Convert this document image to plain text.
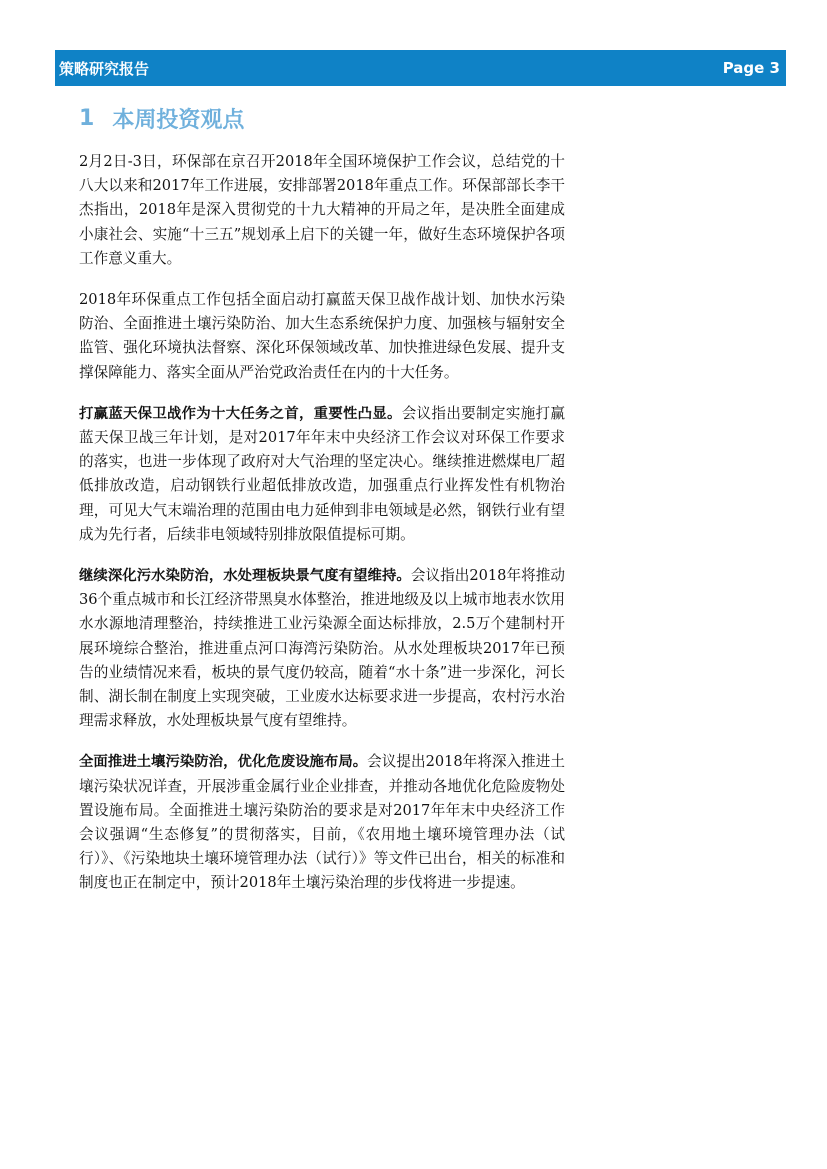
策略研究报告	Page 3
1 本周投资观点

2月2日-3日，环保部在京召开2018年全国环境保护工作会议，总结党的十八大以来和2017年工作进展，安排部署2018年重点工作。环保部部长李干杰指出，2018年是深入贯彻党的十九大精神的开局之年，是决胜全面建成小康社会、实施“十三五”规划承上启下的关键一年，做好生态环境保护各项工作意义重大。

2018年环保重点工作包括全面启动打赢蓝天保卫战作战计划、加快水污染防治、全面推进土壤污染防治、加大生态系统保护力度、加强核与辐射安全监管、强化环境执法督察、深化环保领域改革、加快推进绿色发展、提升支撑保障能力、落实全面从严治党政治责任在内的十大任务。

打赢蓝天保卫战作为十大任务之首，重要性凸显。会议指出要制定实施打赢蓝天保卫战三年计划，是对2017年年末中央经济工作会议对环保工作要求的落实，也进一步体现了政府对大气治理的坚定决心。继续推进燃煤电厂超低排放改造，启动钢铁行业超低排放改造，加强重点行业挥发性有机物治理，可见大气末端治理的范围由电力延伸到非电领域是必然，钢铁行业有望成为先行者，后续非电领域特别排放限值提标可期。

继续深化污水染防治，水处理板块景气度有望维持。会议指出2018年将推动36个重点城市和长江经济带黑臭水体整治，推进地级及以上城市地表水饮用水水源地清理整治，持续推进工业污染源全面达标排放，2.5万个建制村开展环境综合整治，推进重点河口海湾污染防治。从水处理板块2017年已预告的业绩情况来看，板块的景气度仍较高，随着“水十条”进一步深化，河长制、湖长制在制度上实现突破，工业废水达标要求进一步提高，农村污水治理需求释放，水处理板块景气度有望维持。

全面推进土壤污染防治，优化危废设施布局。会议提出2018年将深入推进土壤污染状况详查，开展涉重金属行业企业排查，并推动各地优化危险废物处置设施布局。全面推进土壤污染防治的要求是对2017年年末中央经济工作会议强调“生态修复”的贯彻落实，目前，《农用地土壤环境管理办法（试行）》、《污染地块土壤环境管理办法（试行）》等文件已出台，相关的标准和制度也正在制定中，预计2018年土壤污染治理的步伐将进一步提速。
